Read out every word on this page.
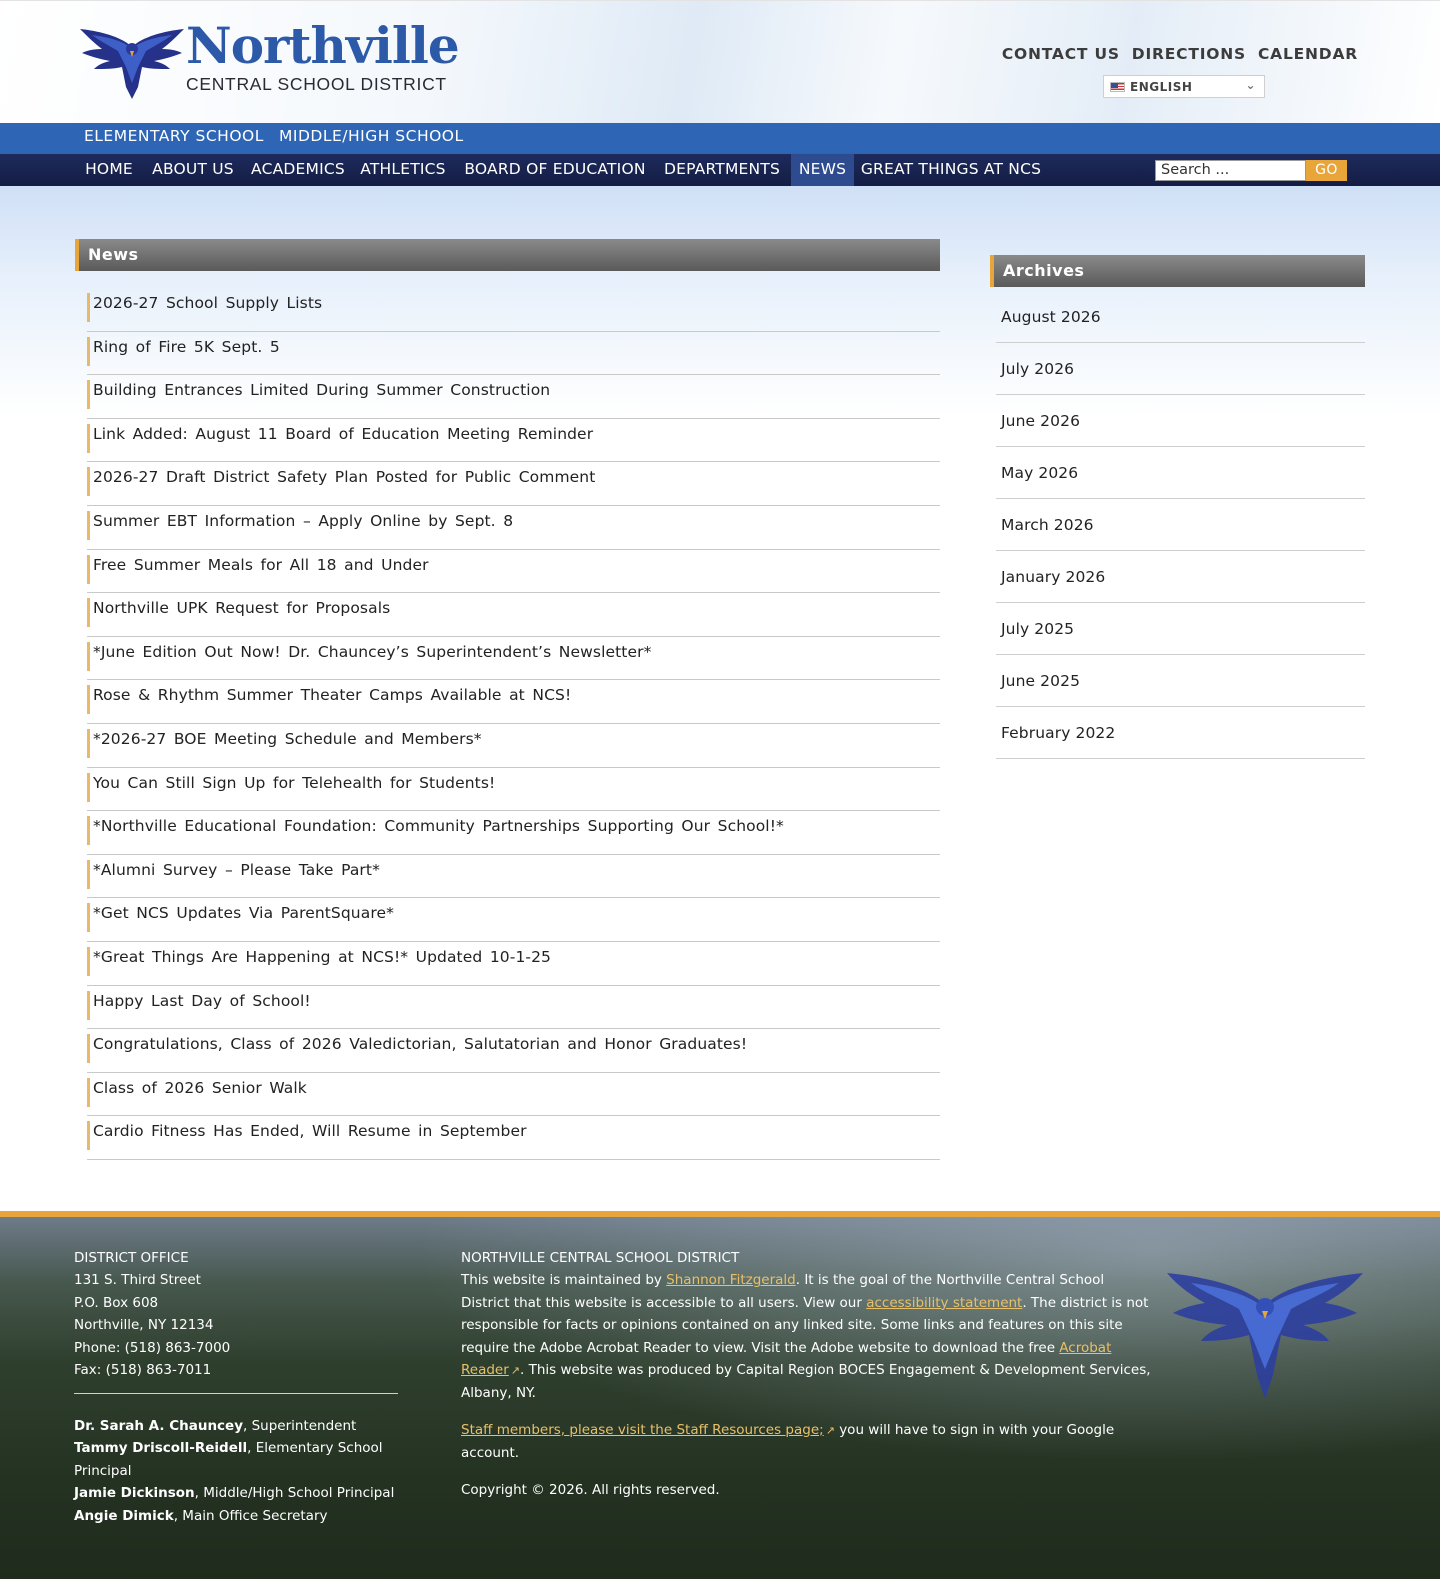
Northville
CENTRAL SCHOOL DISTRICT
CONTACT US DIRECTIONS CALENDAR
ENGLISH	⌄
ELEMENTARY SCHOOL MIDDLE/HIGH SCHOOL
HOME	ABOUT US ACADEMICS ATHLETICS BOARD OF EDUCATION	DEPARTMENTS	NEWS GREAT THINGS AT NCS	Search ...	GO
News
2026-27 School Supply Lists
Ring of Fire 5K Sept. 5
Building Entrances Limited During Summer Construction
Link Added: August 11 Board of Education Meeting Reminder
2026-27 Draft District Safety Plan Posted for Public Comment
Summer EBT Information – Apply Online by Sept. 8
Free Summer Meals for All 18 and Under
Northville UPK Request for Proposals
*June Edition Out Now! Dr. Chauncey’s Superintendent’s Newsletter*
Rose & Rhythm Summer Theater Camps Available at NCS!
*2026-27 BOE Meeting Schedule and Members*
You Can Still Sign Up for Telehealth for Students!
*Northville Educational Foundation: Community Partnerships Supporting Our School!*
*Alumni Survey – Please Take Part*
*Get NCS Updates Via ParentSquare*
*Great Things Are Happening at NCS!* Updated 10-1-25
Happy Last Day of School!
Congratulations, Class of 2026 Valedictorian, Salutatorian and Honor Graduates!
Class of 2026 Senior Walk
Cardio Fitness Has Ended, Will Resume in September
Archives
August 2026
July 2026
June 2026
May 2026
March 2026
January 2026
July 2025
June 2025
February 2022
DISTRICT OFFICE
131 S. Third Street
P.O. Box 608
Northville, NY 12134
Phone: (518) 863-7000
Fax: (518) 863-7011
Dr. Sarah A. Chauncey, Superintendent
Tammy Driscoll-Reidell, Elementary School Principal
Jamie Dickinson, Middle/High School Principal
Angie Dimick, Main Office Secretary
NORTHVILLE CENTRAL SCHOOL DISTRICT
This website is maintained by Shannon Fitzgerald. It is the goal of the Northville Central School District that this website is accessible to all users. View our accessibility statement. The district is not responsible for facts or opinions contained on any linked site. Some links and features on this site require the Adobe Acrobat Reader to view. Visit the Adobe website to download the free Acrobat Reader ↗. This website was produced by Capital Region BOCES Engagement & Development Services, Albany, NY.
Staff members, please visit the Staff Resources page; ↗ you will have to sign in with your Google account.
Copyright © 2026. All rights reserved.
